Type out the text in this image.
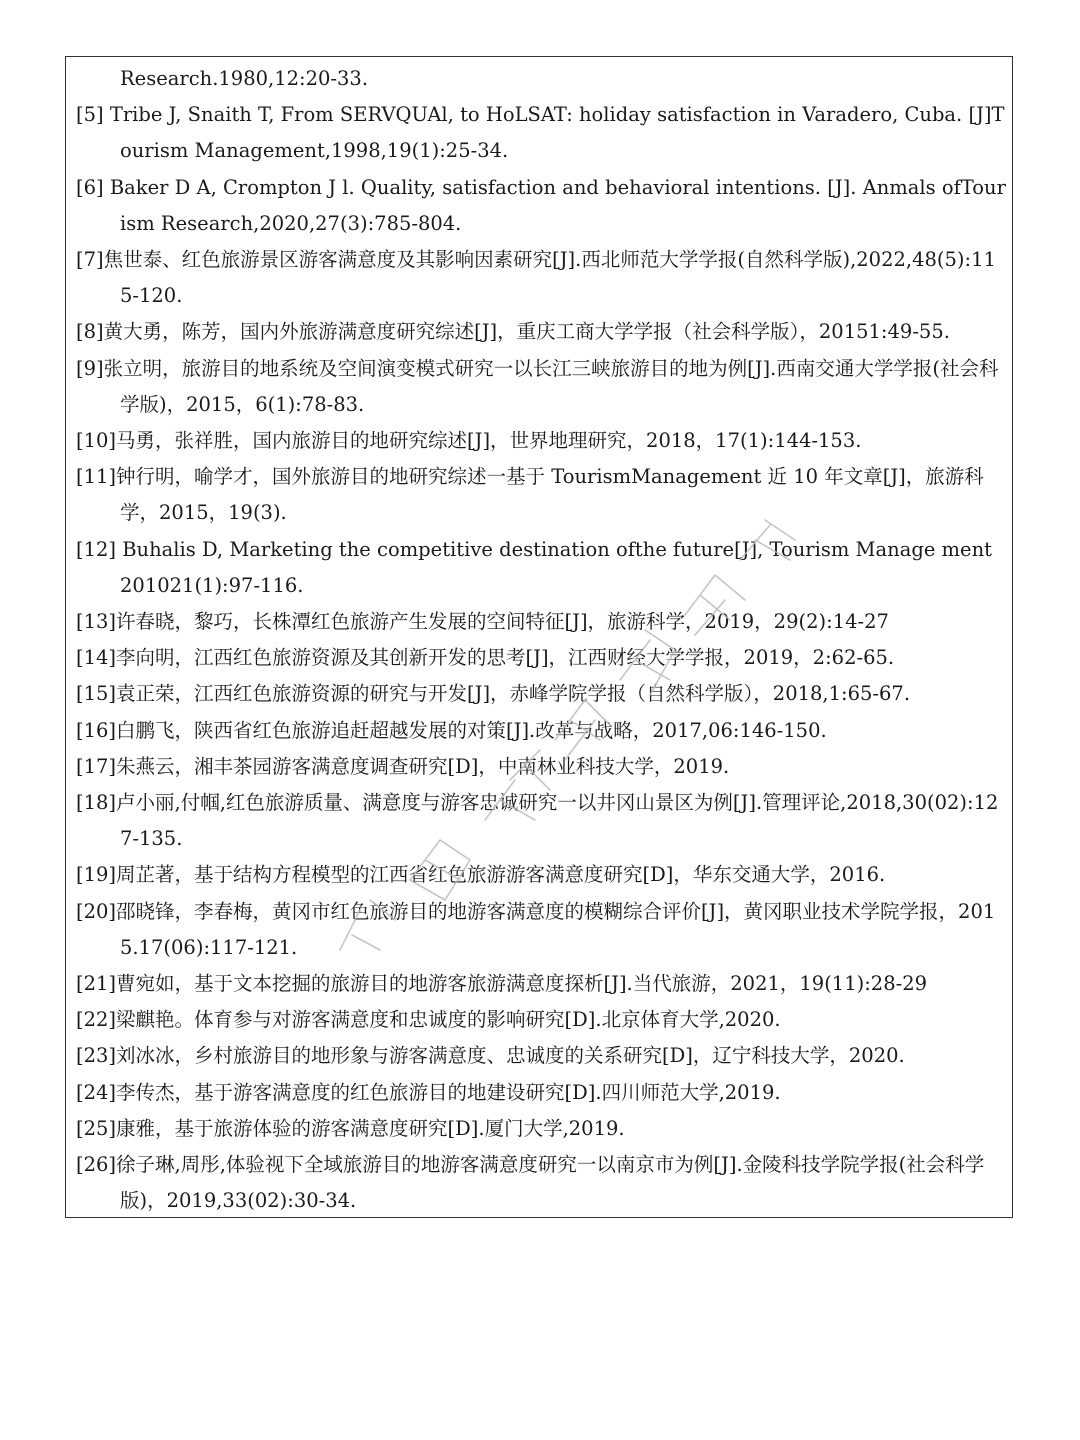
Research.1980,12:20-33.
[5] Tribe J, Snaith T, From SERVQUAl, to HoLSAT: holiday satisfaction in Varadero, Cuba. [J]Tourism Management,1998,19(1):25-34.
[6] Baker D A, Crompton J l. Quality, satisfaction and behavioral intentions. [J]. Anmals ofTourism Research,2020,27(3):785-804.
[7]焦世泰、红色旅游景区游客满意度及其影响因素研究[J].西北师范大学学报(自然科学版),2022,48(5):115-120.
[8]黄大勇，陈芳，国内外旅游满意度研究综述[J]，重庆工商大学学报（社会科学版），20151:49-55.
[9]张立明，旅游目的地系统及空间演变模式研究一以长江三峡旅游目的地为例[J].西南交通大学学报(社会科学版)，2015，6(1):78-83.
[10]马勇，张祥胜，国内旅游目的地研究综述[J]，世界地理研究，2018，17(1):144-153.
[11]钟行明，喻学才，国外旅游目的地研究综述一基于 TourismManagement 近 10 年文章[J]，旅游科学，2015，19(3).
[12] Buhalis D, Marketing the competitive destination ofthe future[J], Tourism Manage ment 201021(1):97-116.
[13]许春晓，黎巧，长株潭红色旅游产生发展的空间特征[J]，旅游科学，2019，29(2):14-27
[14]李向明，江西红色旅游资源及其创新开发的思考[J]，江西财经大学学报，2019，2:62-65.
[15]袁正荣，江西红色旅游资源的研究与开发[J]，赤峰学院学报（自然科学版），2018,1:65-67.
[16]白鹏飞，陕西省红色旅游追赶超越发展的对策[J].改革与战略，2017,06:146-150.
[17]朱燕云，湘丰茶园游客满意度调查研究[D]，中南林业科技大学，2019.
[18]卢小丽,付帼,红色旅游质量、满意度与游客忠诚研究一以井冈山景区为例[J].管理评论,2018,30(02):127-135.
[19]周芷著，基于结构方程模型的江西省红色旅游游客满意度研究[D]，华东交通大学，2016.
[20]邵晓锋，李春梅，黄冈市红色旅游目的地游客满意度的模糊综合评价[J]，黄冈职业技术学院学报，2015.17(06):117-121.
[21]曹宛如，基于文本挖掘的旅游目的地游客旅游满意度探析[J].当代旅游，2021，19(11):28-29
[22]梁麒艳。体育参与对游客满意度和忠诚度的影响研究[D].北京体育大学,2020.
[23]刘冰冰，乡村旅游目的地形象与游客满意度、忠诚度的关系研究[D]，辽宁科技大学，2020.
[24]李传杰，基于游客满意度的红色旅游目的地建设研究[D].四川师范大学,2019.
[25]康雅，基于旅游体验的游客满意度研究[D].厦门大学,2019.
[26]徐子琳,周彤,体验视下全域旅游目的地游客满意度研究一以南京市为例[J].金陵科技学院学报(社会科学版)，2019,33(02):30-34.
